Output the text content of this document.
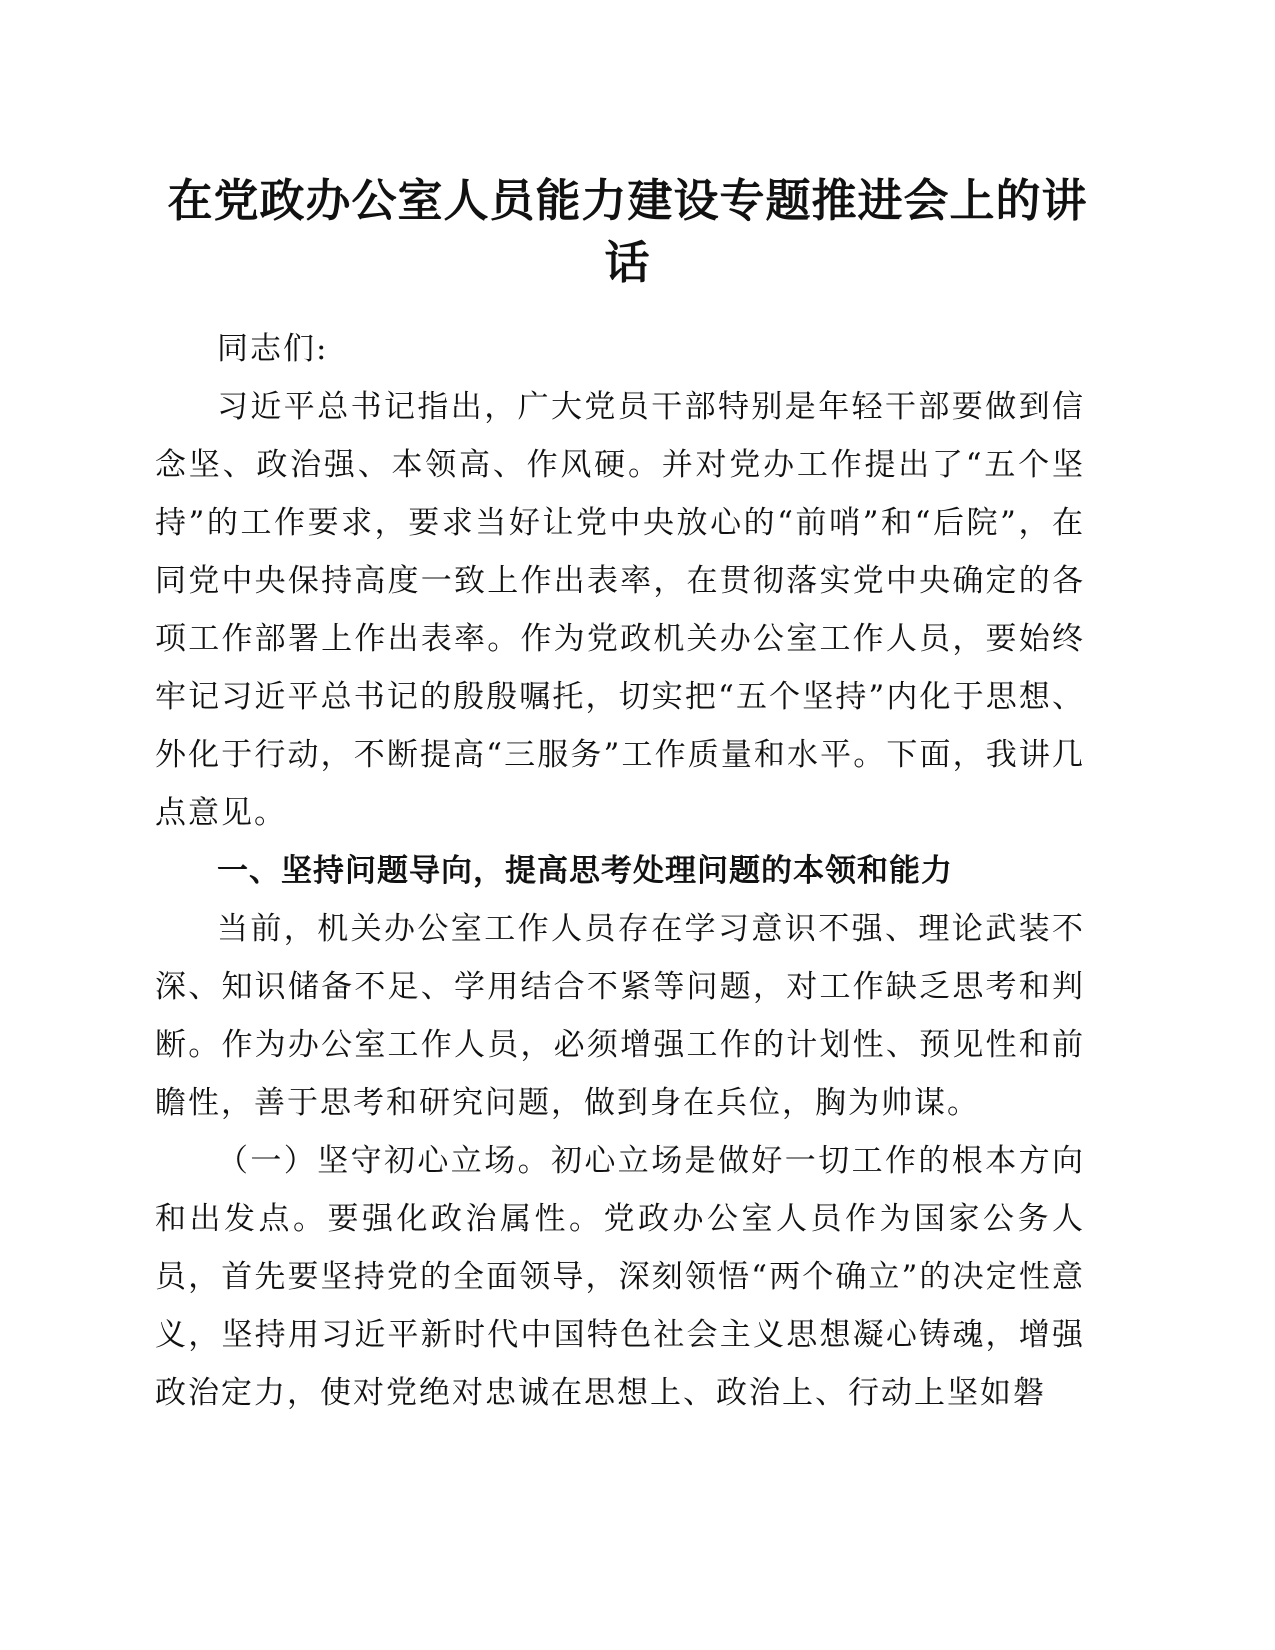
在党政办公室人员能力建设专题推进会上的讲话

同志们:

习近平总书记指出，广大党员干部特别是年轻干部要做到信念坚、政治强、本领高、作风硬。并对党办工作提出了“五个坚持”的工作要求，要求当好让党中央放心的“前哨”和“后院”，在同党中央保持高度一致上作出表率，在贯彻落实党中央确定的各项工作部署上作出表率。作为党政机关办公室工作人员，要始终牢记习近平总书记的殷殷嘱托，切实把“五个坚持”内化于思想、外化于行动，不断提高“三服务”工作质量和水平。下面，我讲几点意见。

一、坚持问题导向，提高思考处理问题的本领和能力

当前，机关办公室工作人员存在学习意识不强、理论武装不深、知识储备不足、学用结合不紧等问题，对工作缺乏思考和判断。作为办公室工作人员，必须增强工作的计划性、预见性和前瞻性，善于思考和研究问题，做到身在兵位，胸为帅谋。

（一）坚守初心立场。初心立场是做好一切工作的根本方向和出发点。要强化政治属性。党政办公室人员作为国家公务人员，首先要坚持党的全面领导，深刻领悟“两个确立”的决定性意义，坚持用习近平新时代中国特色社会主义思想凝心铸魂，增强政治定力，使对党绝对忠诚在思想上、政治上、行动上坚如磐
